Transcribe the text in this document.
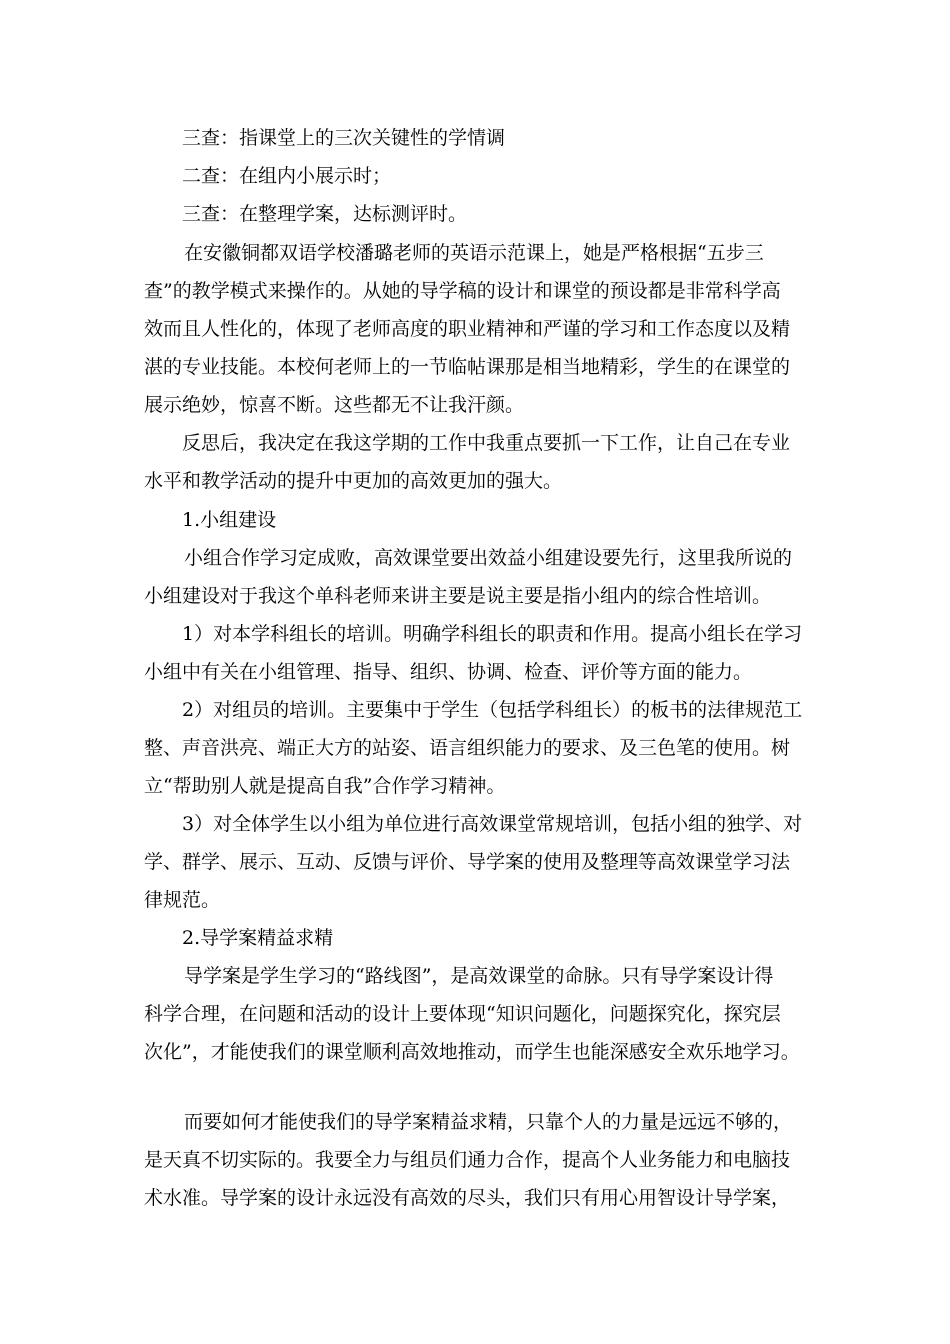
三查：指课堂上的三次关键性的学情调
二查：在组内小展示时；
三查：在整理学案，达标测评时。
在安徽铜都双语学校潘璐老师的英语示范课上，她是严格根据“五步三
查”的教学模式来操作的。从她的导学稿的设计和课堂的预设都是非常科学高
效而且人性化的，体现了老师高度的职业精神和严谨的学习和工作态度以及精
湛的专业技能。本校何老师上的一节临帖课那是相当地精彩，学生的在课堂的
展示绝妙，惊喜不断。这些都无不让我汗颜。
反思后，我决定在我这学期的工作中我重点要抓一下工作，让自己在专业
水平和教学活动的提升中更加的高效更加的强大。
1.小组建设
小组合作学习定成败，高效课堂要出效益小组建设要先行，这里我所说的
小组建设对于我这个单科老师来讲主要是说主要是指小组内的综合性培训。
1）对本学科组长的培训。明确学科组长的职责和作用。提高小组长在学习
小组中有关在小组管理、指导、组织、协调、检查、评价等方面的能力。
2）对组员的培训。主要集中于学生（包括学科组长）的板书的法律规范工
整、声音洪亮、端正大方的站姿、语言组织能力的要求、及三色笔的使用。树
立“帮助别人就是提高自我”合作学习精神。
3）对全体学生以小组为单位进行高效课堂常规培训，包括小组的独学、对
学、群学、展示、互动、反馈与评价、导学案的使用及整理等高效课堂学习法
律规范。
2.导学案精益求精
导学案是学生学习的“路线图”，是高效课堂的命脉。只有导学案设计得
科学合理，在问题和活动的设计上要体现“知识问题化，问题探究化，探究层
次化”，才能使我们的课堂顺利高效地推动，而学生也能深感安全欢乐地学习。
而要如何才能使我们的导学案精益求精，只靠个人的力量是远远不够的，
是天真不切实际的。我要全力与组员们通力合作，提高个人业务能力和电脑技
术水准。导学案的设计永远没有高效的尽头，我们只有用心用智设计导学案，
